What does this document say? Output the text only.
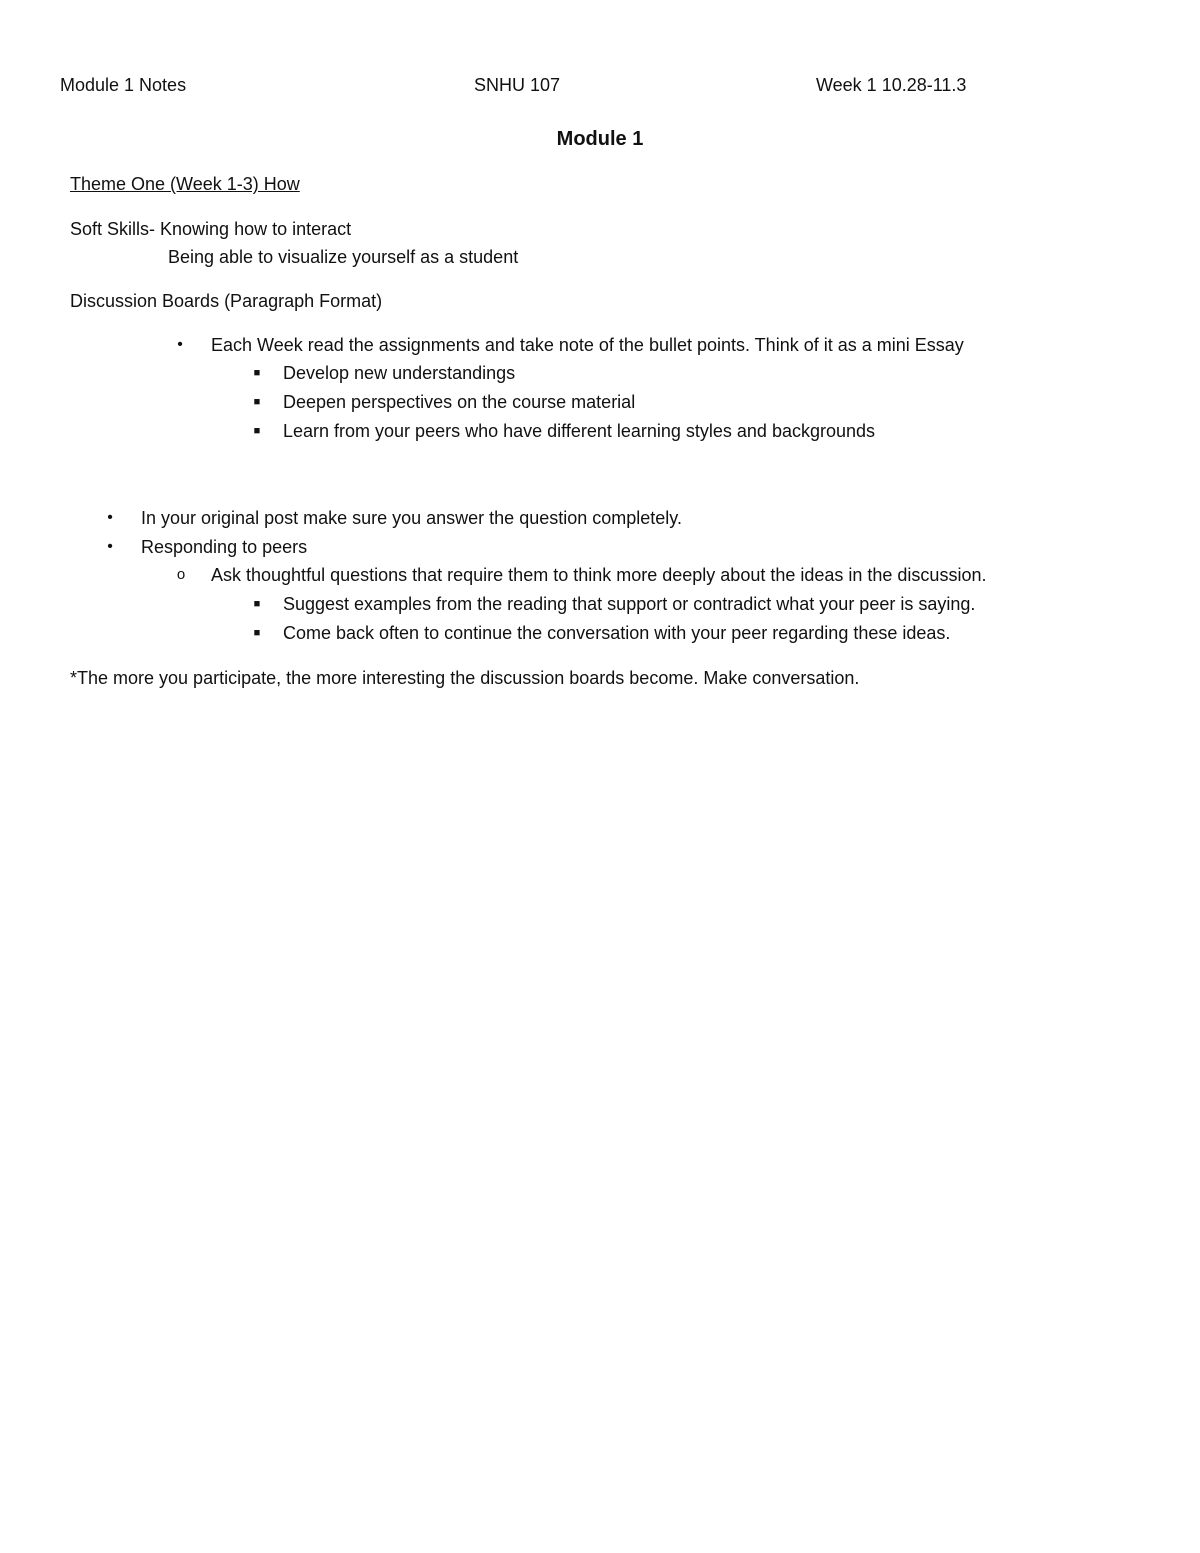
Module 1 Notes	SNHU 107	Week 1 10.28-11.3
Module 1
Theme One (Week 1-3) How
Soft Skills- Knowing how to interact
Being able to visualize yourself as a student
Discussion Boards (Paragraph Format)
• Each Week read the assignments and take note of the bullet points. Think of it as a mini Essay
■ Develop new understandings
■ Deepen perspectives on the course material
■ Learn from your peers who have different learning styles and backgrounds
• In your original post make sure you answer the question completely.
• Responding to peers
o Ask thoughtful questions that require them to think more deeply about the ideas in the discussion.
■ Suggest examples from the reading that support or contradict what your peer is saying.
■ Come back often to continue the conversation with your peer regarding these ideas.
*The more you participate, the more interesting the discussion boards become. Make conversation.
